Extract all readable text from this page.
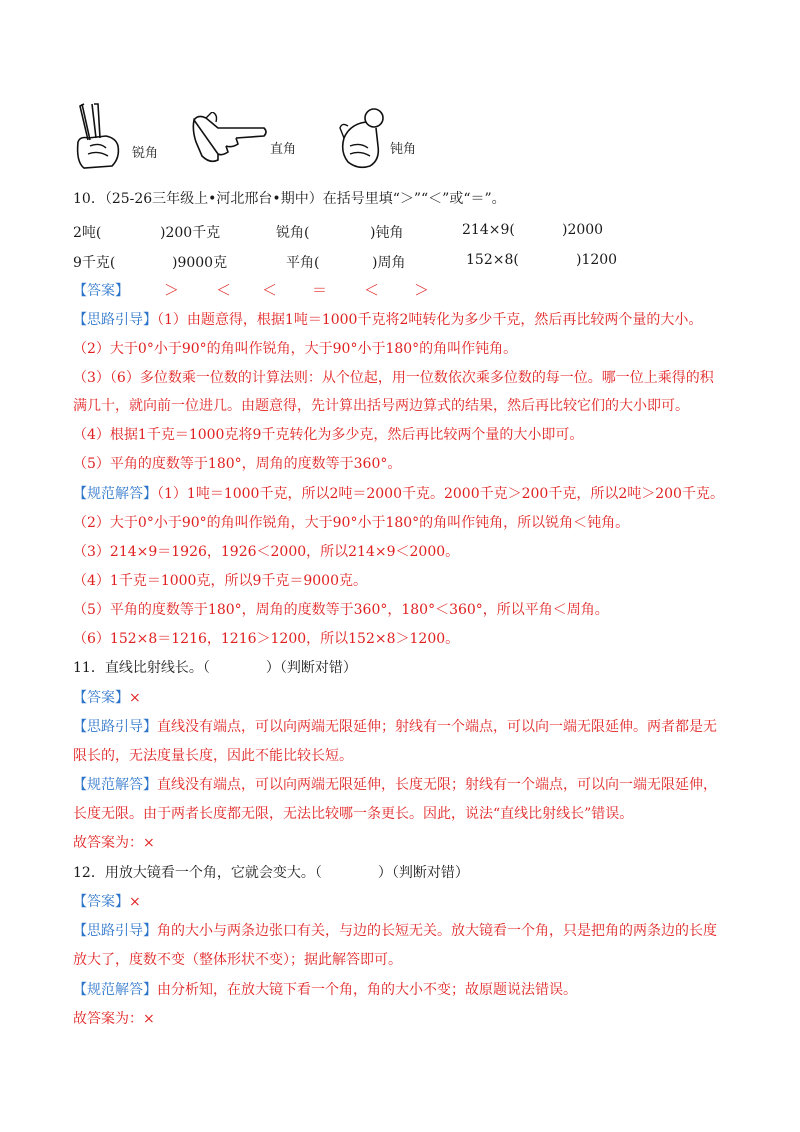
锐角	直角	钝角
10．（25-26三年级上•河北邢台•期中）在括号里填“＞”“＜”或“＝”。
2吨(	)200千克	锐角(	)钝角	214×9(	)2000
9千克(	)9000克	平角(	)周角	152×8(	)1200
【答案】 ＞ ＜ ＜ ＝ ＜ ＞
【思路引导】（1）由题意得，根据1吨＝1000千克将2吨转化为多少千克，然后再比较两个量的大小。
（2）大于0°小于90°的角叫作锐角，大于90°小于180°的角叫作钝角。
（3）（6）多位数乘一位数的计算法则：从个位起，用一位数依次乘多位数的每一位。哪一位上乘得的积
满几十，就向前一位进几。由题意得，先计算出括号两边算式的结果，然后再比较它们的大小即可。
（4）根据1千克＝1000克将9千克转化为多少克，然后再比较两个量的大小即可。
（5）平角的度数等于180°，周角的度数等于360°。
【规范解答】（1）1吨＝1000千克，所以2吨＝2000千克。2000千克＞200千克，所以2吨＞200千克。
（2）大于0°小于90°的角叫作锐角，大于90°小于180°的角叫作钝角，所以锐角＜钝角。
（3）214×9＝1926，1926＜2000，所以214×9＜2000。
（4）1千克＝1000克，所以9千克＝9000克。
（5）平角的度数等于180°，周角的度数等于360°，180°＜360°，所以平角＜周角。
（6）152×8＝1216，1216＞1200，所以152×8＞1200。
11．直线比射线长。（　　　　）（判断对错）
【答案】×
【思路引导】直线没有端点，可以向两端无限延伸；射线有一个端点，可以向一端无限延伸。两者都是无
限长的，无法度量长度，因此不能比较长短。
【规范解答】直线没有端点，可以向两端无限延伸，长度无限；射线有一个端点，可以向一端无限延伸，
长度无限。由于两者长度都无限，无法比较哪一条更长。因此，说法“直线比射线长”错误。
故答案为：×
12．用放大镜看一个角，它就会变大。（　　　　）（判断对错）
【答案】×
【思路引导】角的大小与两条边张口有关，与边的长短无关。放大镜看一个角，只是把角的两条边的长度
放大了，度数不变（整体形状不变）；据此解答即可。
【规范解答】由分析知，在放大镜下看一个角，角的大小不变；故原题说法错误。
故答案为：×
